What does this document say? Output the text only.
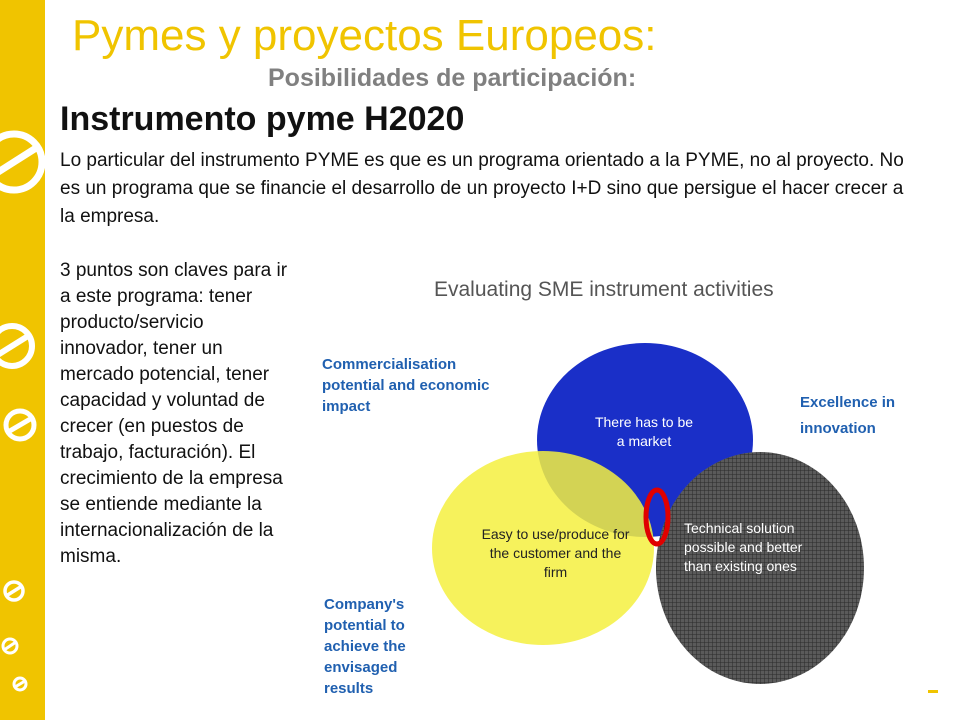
Pymes y proyectos Europeos:
Posibilidades de participación:
Instrumento pyme H2020

Lo particular del instrumento PYME es que es un programa orientado a la PYME, no al proyecto. No es un programa que se financie el desarrollo de un proyecto I+D sino que persigue el hacer crecer a la empresa.

3 puntos son claves para ir a este programa: tener producto/servicio innovador, tener un mercado potencial, tener capacidad y voluntad de crecer (en puestos de trabajo, facturación). El crecimiento de la empresa se entiende mediante la internacionalización de la misma.

Evaluating SME instrument activities

Commercialisation potential and economic impact	Excellence in

innovation

Company's potential to achieve the envisaged results

There has to be a market

Easy to use/produce for the customer and the firm

Technical solution possible and better than existing ones
